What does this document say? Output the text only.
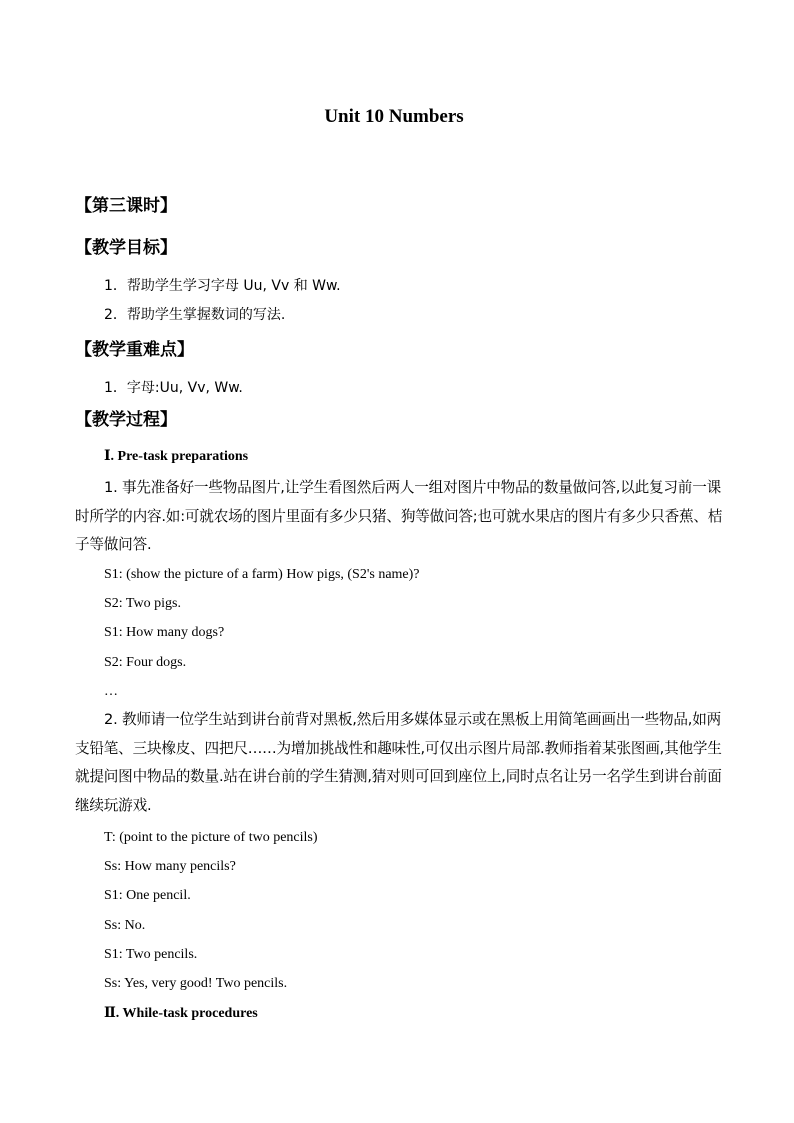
Unit 10 Numbers
【第三课时】
【教学目标】
1．帮助学生学习字母 Uu, Vv 和 Ww.
2．帮助学生掌握数词的写法.
【教学重难点】
1．字母:Uu, Vv, Ww.
【教学过程】
Ⅰ. Pre-task preparations
1. 事先准备好一些物品图片,让学生看图然后两人一组对图片中物品的数量做问答,以此复习前一课时所学的内容.如:可就农场的图片里面有多少只猪、狗等做问答;也可就水果店的图片有多少只香蕉、桔子等做问答.
S1: (show the picture of a farm) How pigs, (S2's name)?
S2: Two pigs.
S1: How many dogs?
S2: Four dogs.
…
2. 教师请一位学生站到讲台前背对黑板,然后用多媒体显示或在黑板上用简笔画画出一些物品,如两支铅笔、三块橡皮、四把尺……为增加挑战性和趣味性,可仅出示图片局部.教师指着某张图画,其他学生就提问图中物品的数量.站在讲台前的学生猜测,猜对则可回到座位上,同时点名让另一名学生到讲台前面继续玩游戏.
T: (point to the picture of two pencils)
Ss: How many pencils?
S1: One pencil.
Ss: No.
S1: Two pencils.
Ss: Yes, very good! Two pencils.
Ⅱ. While-task procedures
